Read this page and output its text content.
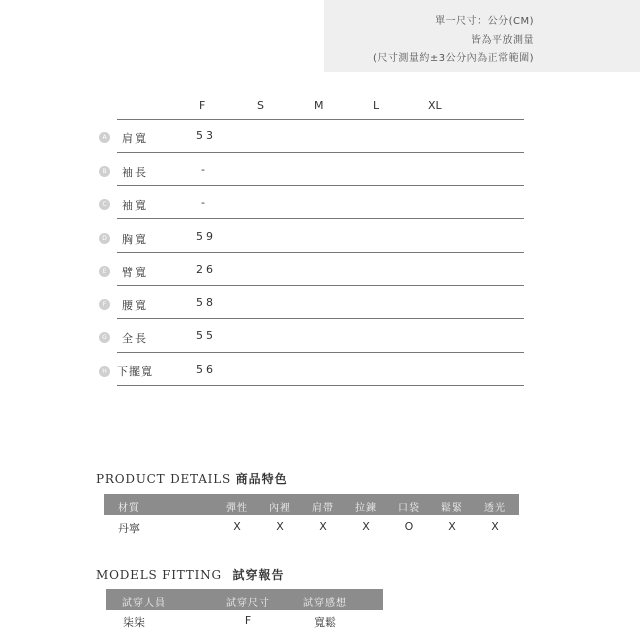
單一尺寸：公分(CM)
皆為平放測量
(尺寸測量約±3公分內為正常範圍)
F	S	M	L	XL
A	肩寬	53
B	袖長	-
C	袖寬	-
D 胸寬	59
E	臂寬	26
F	腰寬	58
G 全長	55
H 下擺寬	56
PRODUCT DETAILS 商品特色
材質	彈性 內裡 肩帶 拉鍊 口袋 鬆緊 透光
丹寧	X	X	X	X	O	X	X
MODELS FITTING 試穿報告
試穿人員	試穿尺寸	試穿感想
柒柒	F	寬鬆
